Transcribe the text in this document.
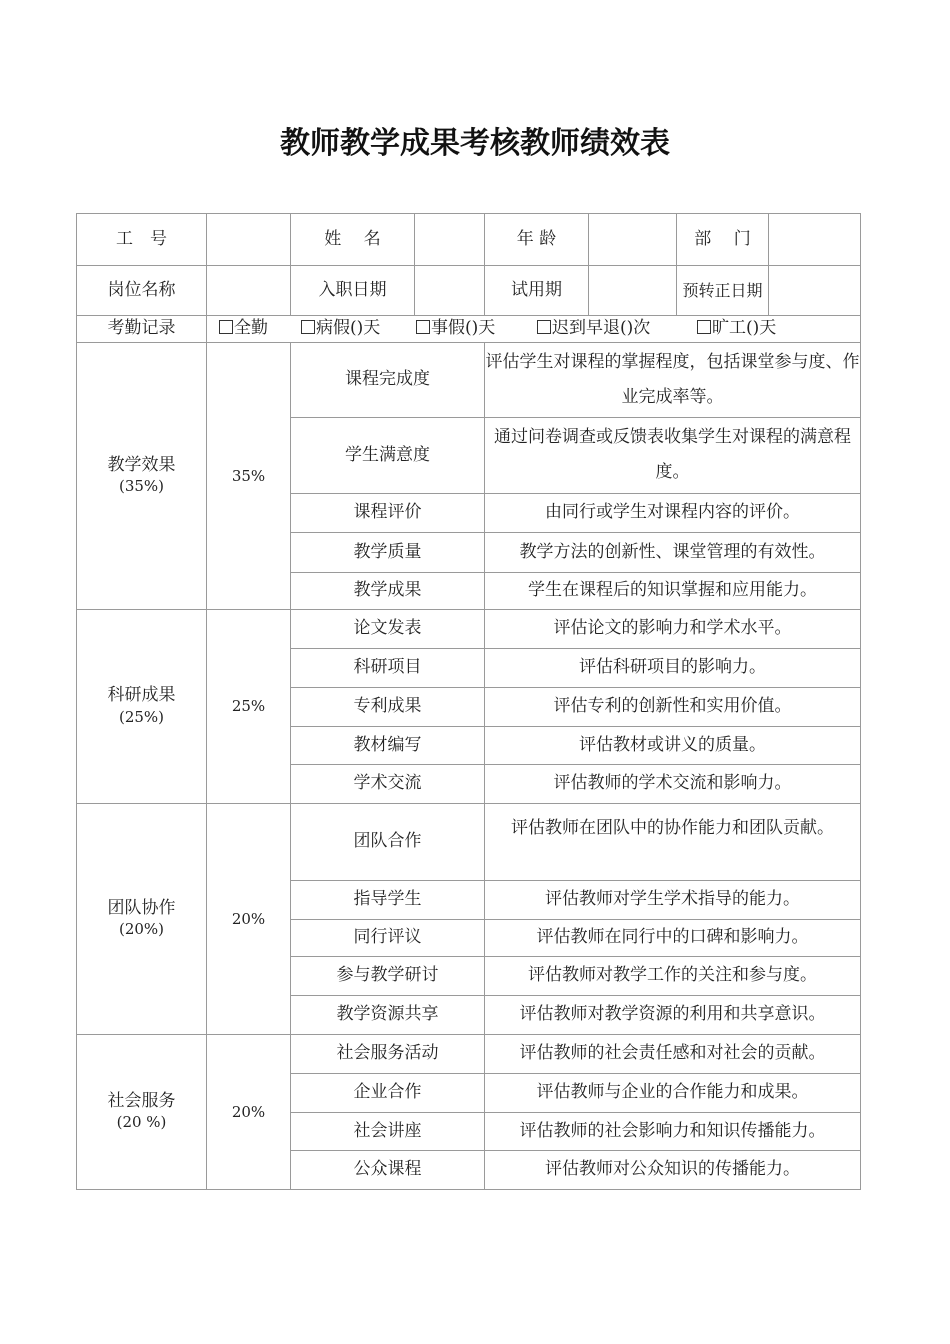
教师教学成果考核教师绩效表
工　号		姓　 名		年 龄		部　 门	
岗位名称		入职日期		试用期		预转正日期	
考勤记录	全勤 病假()天 事假()天 迟到早退()次 旷工()天						

教学效果
(35%)	35%	课程完成度		评估学生对课程的掌握程度，包括课堂参与度、作业完成率等。			
		学生满意度		通过问卷调查或反馈表收集学生对课程的满意程度。			
		课程评价		由同行或学生对课程内容的评价。			
		教学质量		教学方法的创新性、课堂管理的有效性。			
		教学成果		学生在课程后的知识掌握和应用能力。			
科研成果
(25%)	25%	论文发表		评估论文的影响力和学术水平。			
		科研项目		评估科研项目的影响力。			
		专利成果		评估专利的创新性和实用价值。			
		教材编写		评估教材或讲义的质量。			
		学术交流		评估教师的学术交流和影响力。			
团队协作
(20%)	20%	团队合作		评估教师在团队中的协作能力和团队贡献。			
		指导学生		评估教师对学生学术指导的能力。			
		同行评议		评估教师在同行中的口碑和影响力。			
		参与教学研讨		评估教师对教学工作的关注和参与度。			
		教学资源共享		评估教师对教学资源的利用和共享意识。			
社会服务
(20 %)	20%	社会服务活动		评估教师的社会责任感和对社会的贡献。			
		企业合作		评估教师与企业的合作能力和成果。			
		社会讲座		评估教师的社会影响力和知识传播能力。			
		公众课程		评估教师对公众知识的传播能力。			
